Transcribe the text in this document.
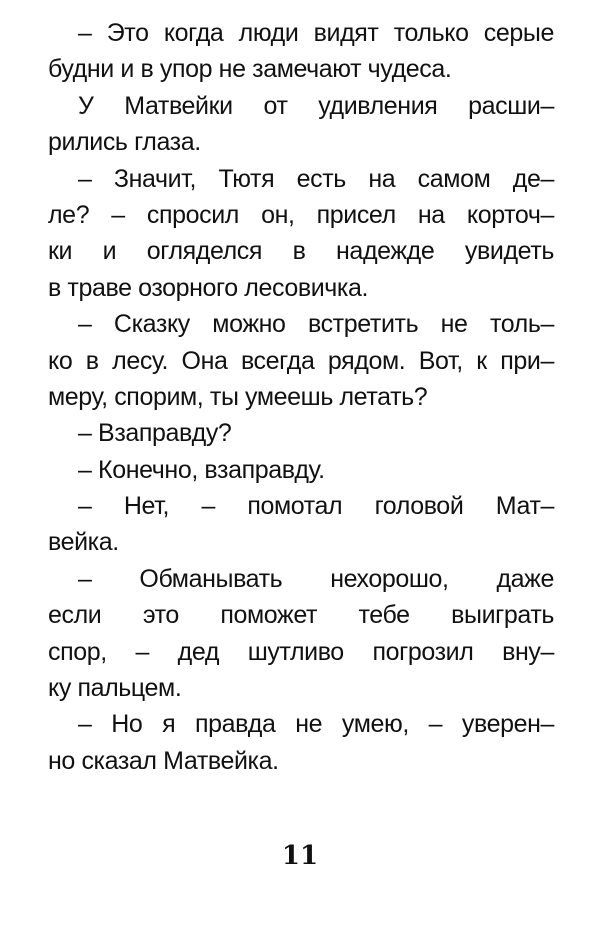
– Это когда люди видят только серые
будни и в упор не замечают чудеса.
У Матвейки от удивления расши–
рились глаза.
– Значит, Тютя есть на самом де–
ле? – спросил он, присел на корточ–
ки и огляделся в надежде увидеть
в траве озорного лесовичка.
– Сказку можно встретить не толь–
ко в лесу. Она всегда рядом. Вот, к при–
меру, спорим, ты умеешь летать?
– Взаправду?
– Конечно, взаправду.
– Нет, – помотал головой Мат–
вейка.
– Обманывать нехорошо, даже
если это поможет тебе выиграть
спор, – дед шутливо погрозил вну–
ку пальцем.
– Но я правда не умею, – уверен–
но сказал Матвейка.
11
